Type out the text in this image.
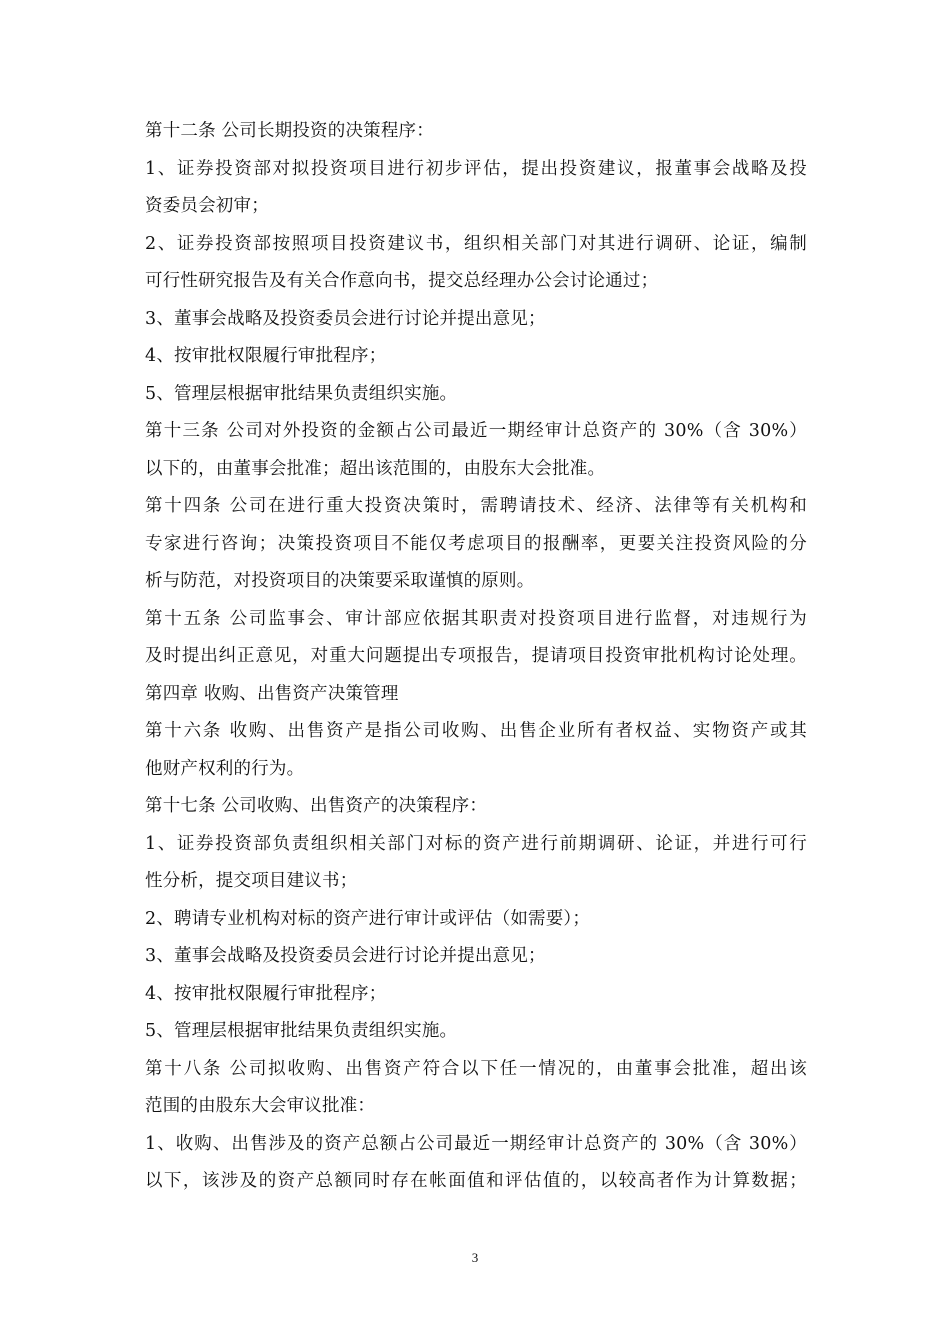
第十二条 公司长期投资的决策程序：
1、证券投资部对拟投资项目进行初步评估，提出投资建议，报董事会战略及投
资委员会初审；
2、证券投资部按照项目投资建议书，组织相关部门对其进行调研、论证，编制
可行性研究报告及有关合作意向书，提交总经理办公会讨论通过；
3、董事会战略及投资委员会进行讨论并提出意见；
4、按审批权限履行审批程序；
5、管理层根据审批结果负责组织实施。
第十三条 公司对外投资的金额占公司最近一期经审计总资产的 30%（含 30%）
以下的，由董事会批准；超出该范围的，由股东大会批准。
第十四条 公司在进行重大投资决策时，需聘请技术、经济、法律等有关机构和
专家进行咨询；决策投资项目不能仅考虑项目的报酬率，更要关注投资风险的分
析与防范，对投资项目的决策要采取谨慎的原则。
第十五条 公司监事会、审计部应依据其职责对投资项目进行监督，对违规行为
及时提出纠正意见，对重大问题提出专项报告，提请项目投资审批机构讨论处理。
第四章 收购、出售资产决策管理
第十六条 收购、出售资产是指公司收购、出售企业所有者权益、实物资产或其
他财产权利的行为。
第十七条 公司收购、出售资产的决策程序：
1、证券投资部负责组织相关部门对标的资产进行前期调研、论证，并进行可行
性分析，提交项目建议书；
2、聘请专业机构对标的资产进行审计或评估（如需要）；
3、董事会战略及投资委员会进行讨论并提出意见；
4、按审批权限履行审批程序；
5、管理层根据审批结果负责组织实施。
第十八条 公司拟收购、出售资产符合以下任一情况的，由董事会批准，超出该
范围的由股东大会审议批准：
1、收购、出售涉及的资产总额占公司最近一期经审计总资产的 30%（含 30%）
以下，该涉及的资产总额同时存在帐面值和评估值的，以较高者作为计算数据；
3
